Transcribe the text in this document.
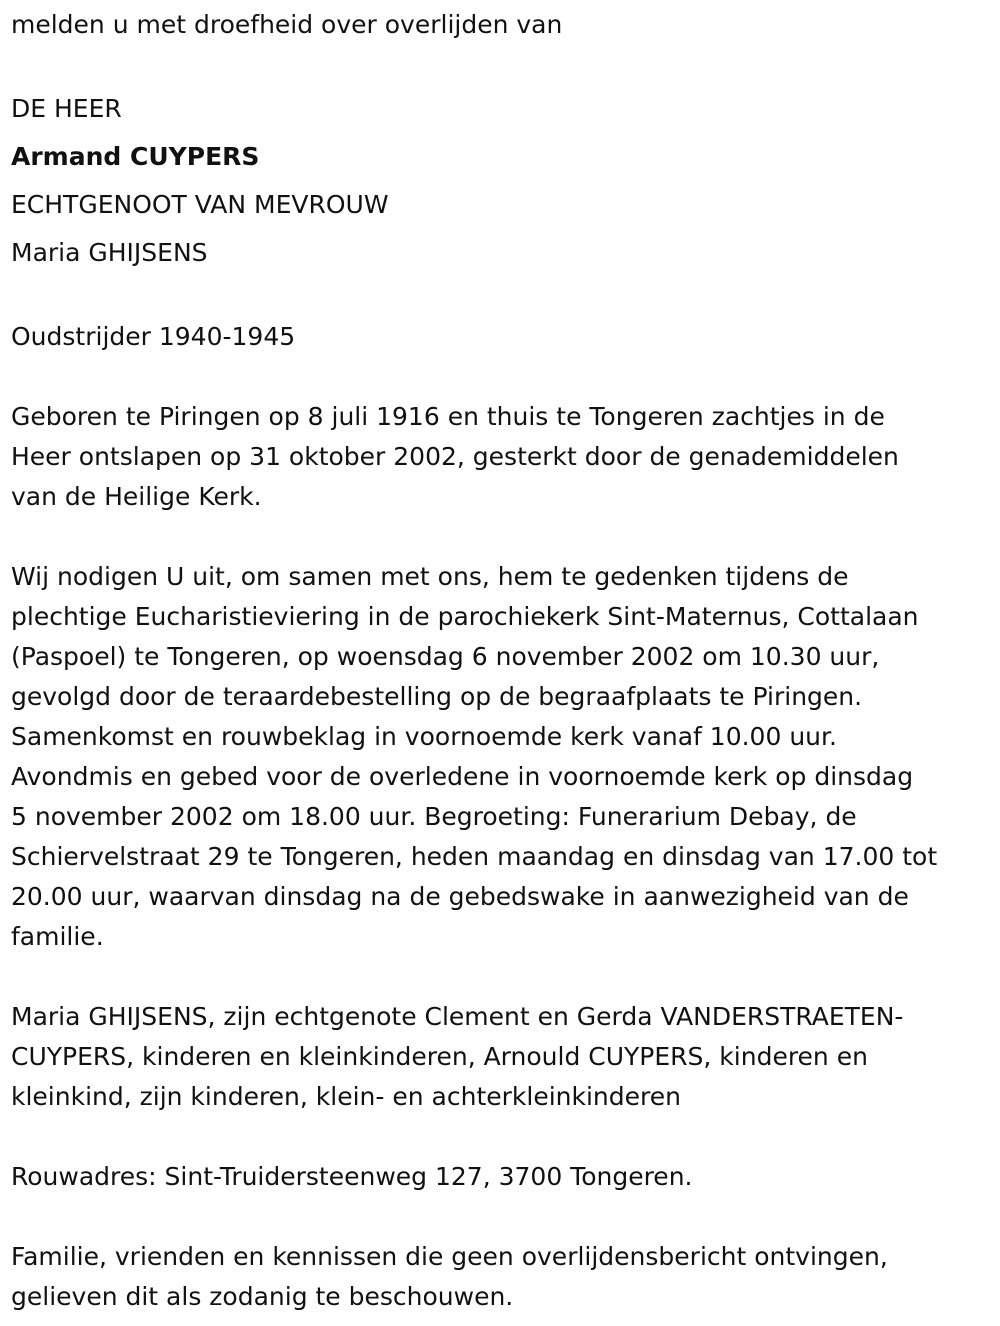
melden u met droefheid over overlijden van
DE HEER
Armand CUYPERS
ECHTGENOOT VAN MEVROUW
Maria GHIJSENS
Oudstrijder 1940-1945

Geboren te Piringen op 8 juli 1916 en thuis te Tongeren zachtjes in de
Heer ontslapen op 31 oktober 2002, gesterkt door de genademiddelen
van de Heilige Kerk.

Wij nodigen U uit, om samen met ons, hem te gedenken tijdens de
plechtige Eucharistieviering in de parochiekerk Sint-Maternus, Cottalaan
(Paspoel) te Tongeren, op woensdag 6 november 2002 om 10.30 uur,
gevolgd door de teraardebestelling op de begraafplaats te Piringen.
Samenkomst en rouwbeklag in voornoemde kerk vanaf 10.00 uur.
Avondmis en gebed voor de overledene in voornoemde kerk op dinsdag
5 november 2002 om 18.00 uur. Begroeting: Funerarium Debay, de
Schiervelstraat 29 te Tongeren, heden maandag en dinsdag van 17.00 tot
20.00 uur, waarvan dinsdag na de gebedswake in aanwezigheid van de
familie.

Maria GHIJSENS, zijn echtgenote Clement en Gerda VANDERSTRAETEN-
CUYPERS, kinderen en kleinkinderen, Arnould CUYPERS, kinderen en
kleinkind, zijn kinderen, klein- en achterkleinkinderen

Rouwadres: Sint-Truidersteenweg 127, 3700 Tongeren.

Familie, vrienden en kennissen die geen overlijdensbericht ontvingen,
gelieven dit als zodanig te beschouwen.
